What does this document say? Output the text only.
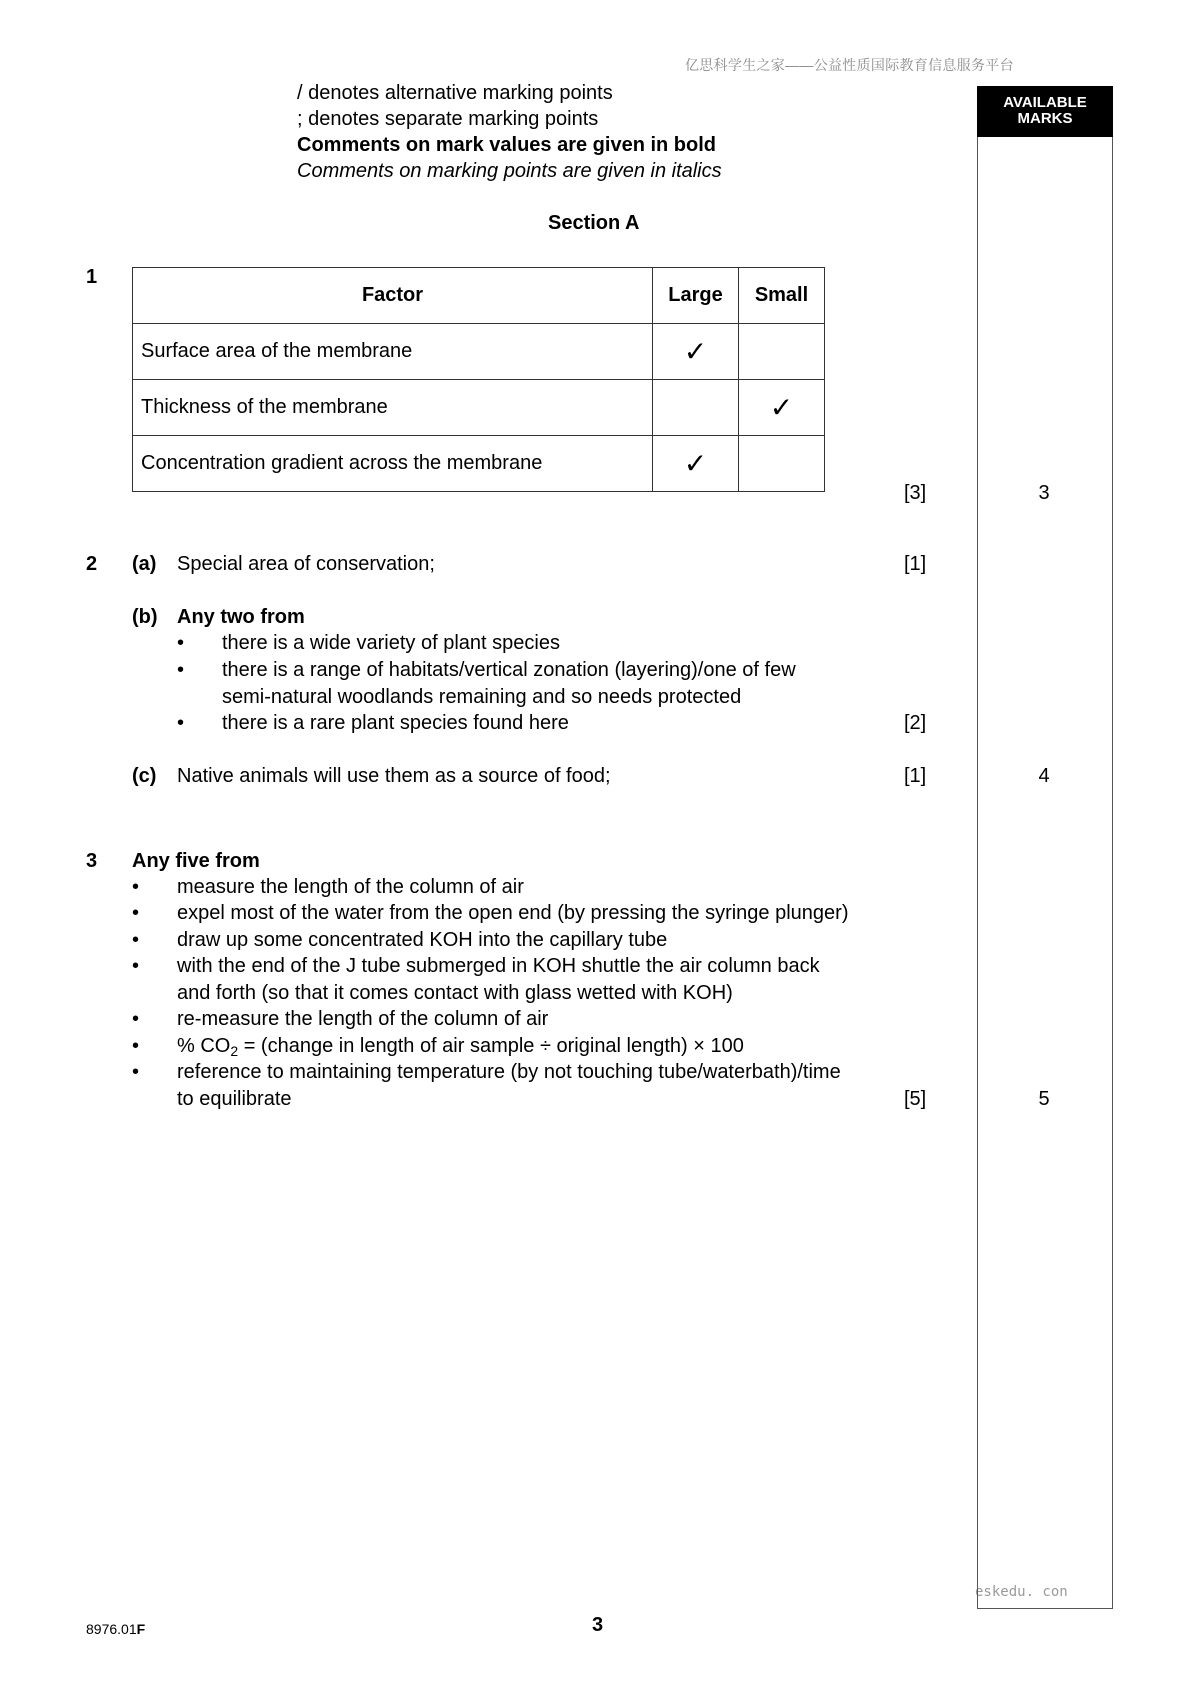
亿思科学生之家——公益性质国际教育信息服务平台
eskedu. con
AVAILABLE
MARKS
/ denotes alternative marking points
; denotes separate marking points
Comments on mark values are given in bold
Comments on marking points are given in italics
Section A
1
Factor	Large	Small
Surface area of the membrane	✓	
Thickness of the membrane		✓
Concentration gradient across the membrane	✓	
[3]	3
2 (a) Special area of conservation;	[1]
(b) Any two from
• there is a wide variety of plant species
• there is a range of habitats/vertical zonation (layering)/one of few
semi-natural woodlands remaining and so needs protected
• there is a rare plant species found here	[2]
(c) Native animals will use them as a source of food;	[1]	4
3 Any five from
• measure the length of the column of air
• expel most of the water from the open end (by pressing the syringe plunger)
• draw up some concentrated KOH into the capillary tube
• with the end of the J tube submerged in KOH shuttle the air column back
and forth (so that it comes contact with glass wetted with KOH)
• re-measure the length of the column of air
• % $CO_2$ = (change in length of air sample ÷ original length) × 100
• reference to maintaining temperature (by not touching tube/waterbath)/time
to equilibrate	[5]	5
8976.01F	3
